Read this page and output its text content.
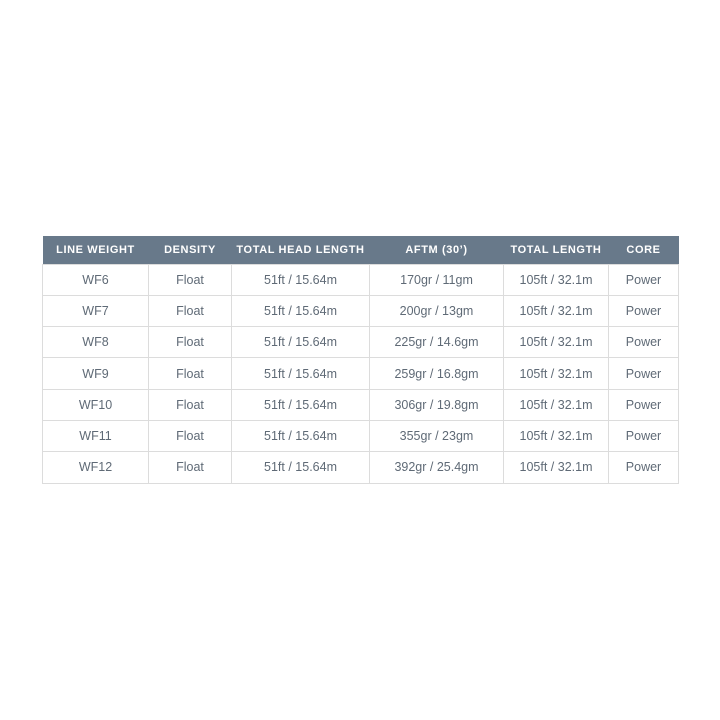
LINE WEIGHT	DENSITY	TOTAL HEAD LENGTH	AFTM (30’)	TOTAL LENGTH	CORE
WF6	Float	51ft / 15.64m	170gr / 11gm	105ft / 32.1m	Power
WF7	Float	51ft / 15.64m	200gr / 13gm	105ft / 32.1m	Power
WF8	Float	51ft / 15.64m	225gr / 14.6gm	105ft / 32.1m	Power
WF9	Float	51ft / 15.64m	259gr / 16.8gm	105ft / 32.1m	Power
WF10	Float	51ft / 15.64m	306gr / 19.8gm	105ft / 32.1m	Power
WF11	Float	51ft / 15.64m	355gr / 23gm	105ft / 32.1m	Power
WF12	Float	51ft / 15.64m	392gr / 25.4gm	105ft / 32.1m	Power
